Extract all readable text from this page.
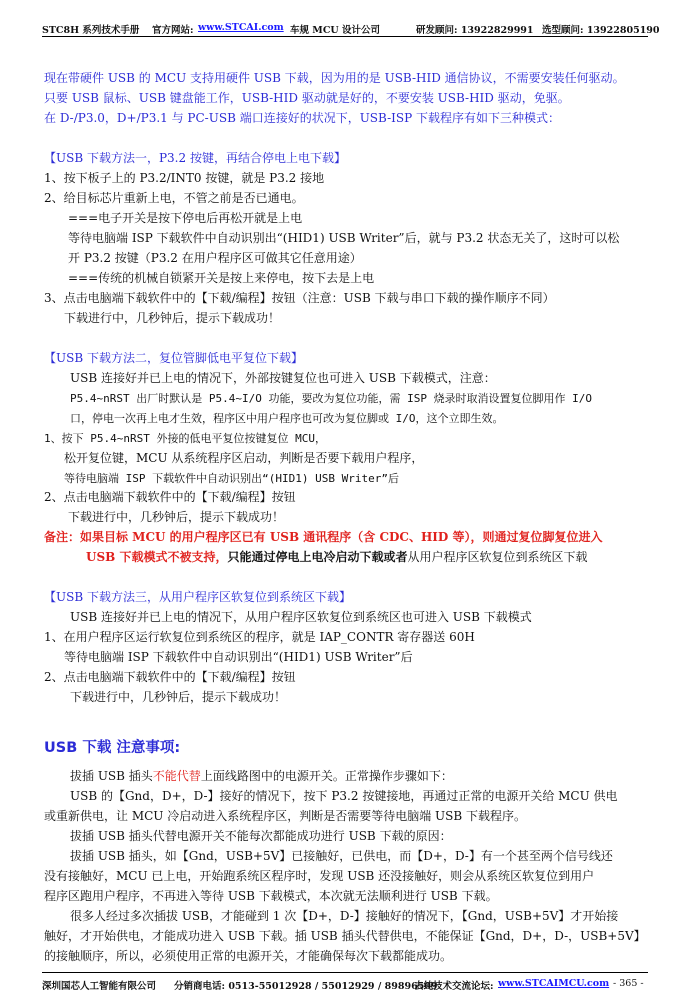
STC8H 系列技术手册 官方网站: www.STCAI.com 车规 MCU 设计公司	研发顾问: 13922829991 选型顾问: 13922805190
现在带硬件 USB 的 MCU 支持用硬件 USB 下载，因为用的是 USB-HID 通信协议，不需要安装任何驱动。
只要 USB 鼠标、USB 键盘能工作，USB-HID 驱动就是好的，不要安装 USB-HID 驱动，免驱。
在 D-/P3.0，D+/P3.1 与 PC-USB 端口连接好的状况下，USB-ISP 下载程序有如下三种模式：
【USB 下载方法一，P3.2 按键，再结合停电上电下载】
1、按下板子上的 P3.2/INT0 按键，就是 P3.2 接地
2、给目标芯片重新上电，不管之前是否已通电。
===电子开关是按下停电后再松开就是上电
等待电脑端 ISP 下载软件中自动识别出“(HID1) USB Writer”后，就与 P3.2 状态无关了，这时可以松
开 P3.2 按键（P3.2 在用户程序区可做其它任意用途）
===传统的机械自锁紧开关是按上来停电，按下去是上电
3、点击电脑端下载软件中的【下载/编程】按钮（注意：USB 下载与串口下载的操作顺序不同）
下载进行中，几秒钟后，提示下载成功！
【USB 下载方法二，复位管脚低电平复位下载】
USB 连接好并已上电的情况下，外部按键复位也可进入 USB 下载模式，注意：
P5.4~nRST 出厂时默认是 P5.4~I/O 功能，要改为复位功能，需 ISP 烧录时取消设置复位脚用作 I/O
口，停电一次再上电才生效，程序区中用户程序也可改为复位脚或 I/O，这个立即生效。
1、按下 P5.4~nRST 外接的低电平复位按键复位 MCU，
松开复位键，MCU 从系统程序区启动，判断是否要下载用户程序，
等待电脑端 ISP 下载软件中自动识别出“(HID1) USB Writer”后
2、点击电脑端下载软件中的【下载/编程】按钮
下载进行中，几秒钟后，提示下载成功！
备注：如果目标 MCU 的用户程序区已有 USB 通讯程序（含 CDC、HID 等），则通过复位脚复位进入
USB 下载模式不被支持，只能通过停电上电冷启动下载或者从用户程序区软复位到系统区下载
【USB 下载方法三，从用户程序区软复位到系统区下载】
USB 连接好并已上电的情况下，从用户程序区软复位到系统区也可进入 USB 下载模式
1、在用户程序区运行软复位到系统区的程序，就是 IAP_CONTR 寄存器送 60H
等待电脑端 ISP 下载软件中自动识别出“(HID1) USB Writer”后
2、点击电脑端下载软件中的【下载/编程】按钮
下载进行中，几秒钟后，提示下载成功！
USB 下载 注意事项:
拔插 USB 插头不能代替上面线路图中的电源开关。正常操作步骤如下：
USB 的【Gnd，D+，D-】接好的情况下，按下 P3.2 按键接地，再通过正常的电源开关给 MCU 供电
或重新供电，让 MCU 冷启动进入系统程序区，判断是否需要等待电脑端 USB 下载程序。
拔插 USB 插头代替电源开关不能每次都能成功进行 USB 下载的原因：
拔插 USB 插头，如【Gnd，USB+5V】已接触好，已供电，而【D+，D-】有一个甚至两个信号线还
没有接触好，MCU 已上电，开始跑系统区程序时，发现 USB 还没接触好，则会从系统区软复位到用户
程序区跑用户程序，不再进入等待 USB 下载模式，本次就无法顺利进行 USB 下载。
很多人经过多次插拔 USB，才能碰到 1 次【D+，D-】接触好的情况下，【Gnd，USB+5V】才开始接
触好，才开始供电，才能成功进入 USB 下载。插 USB 插头代替供电，不能保证【Gnd，D+，D-，USB+5V】
的接触顺序，所以，必须使用正常的电源开关，才能确保每次下载都能成功。
深圳国芯人工智能有限公司 分销商电话: 0513-55012928 / 55012929 / 89896509
去纯技术交流论坛: www.STCAIMCU.com - 365 -
